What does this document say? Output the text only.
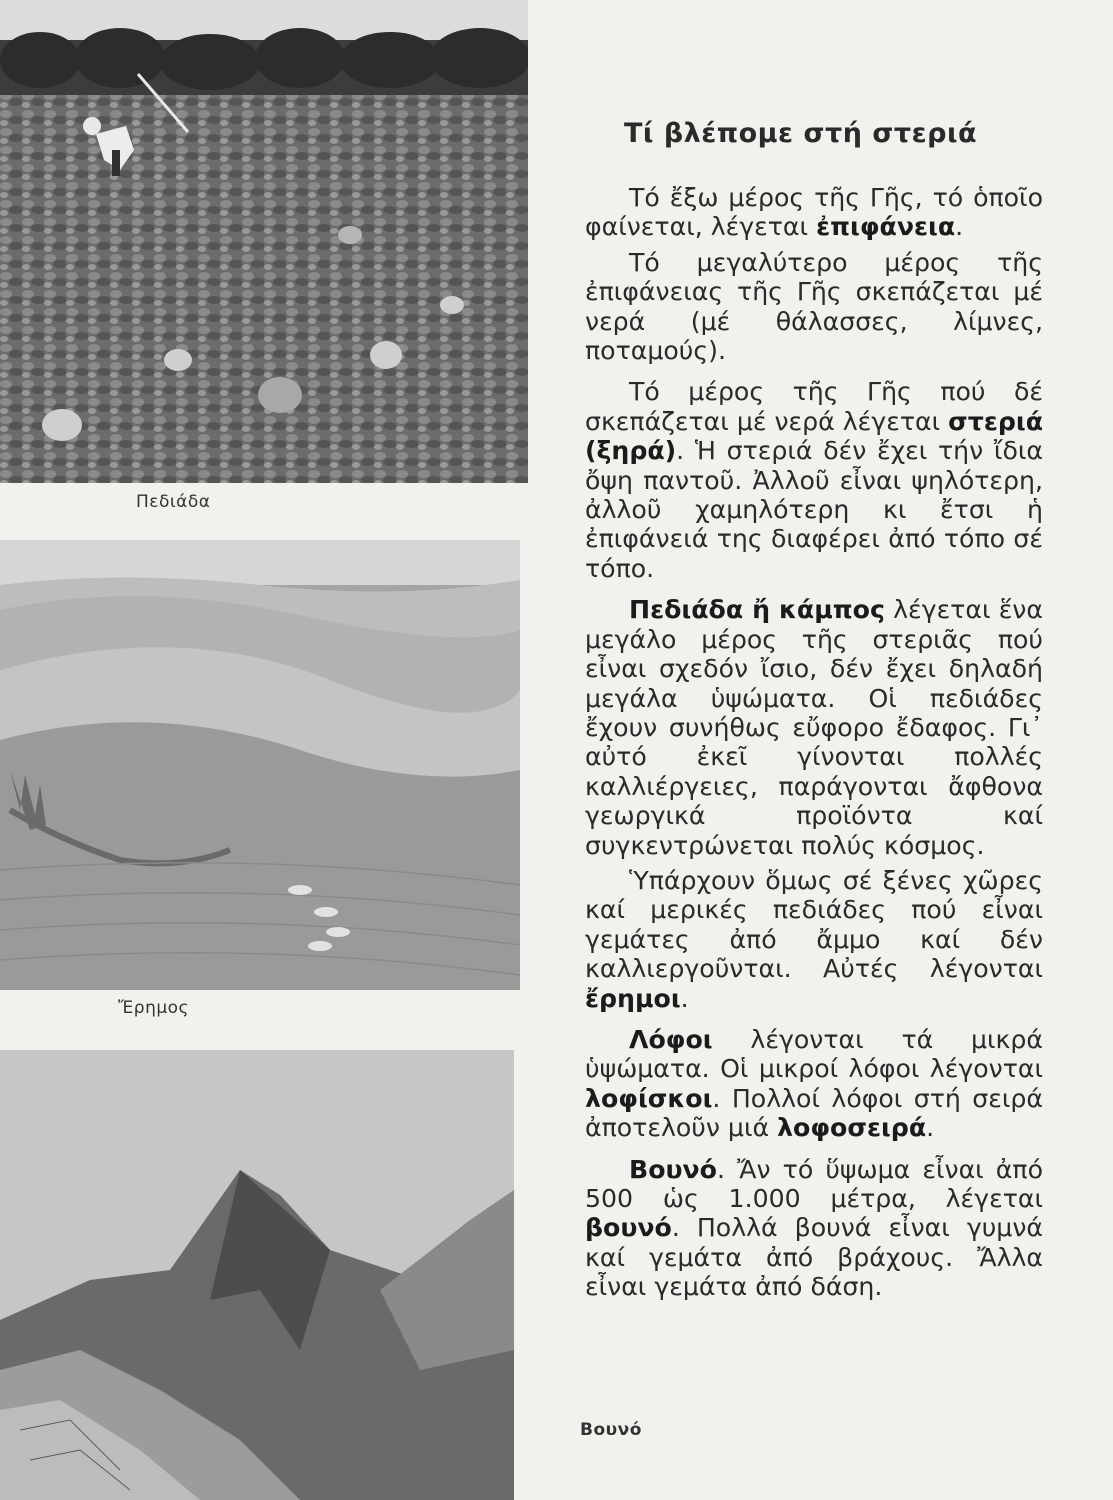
Πεδιάδα
Ἔρημος
Βουνό
Τί βλέπομε στή στεριά

Τό ἔξω μέρος τῆς Γῆς, τό ὁποῖο φαίνεται, λέγεται ἐπιφάνεια.

Τό μεγαλύτερο μέρος τῆς ἐπιφάνειας τῆς Γῆς σκεπάζεται μέ νερά (μέ θάλασσες, λίμνες, ποταμούς).

Τό μέρος τῆς Γῆς πού δέ σκεπάζεται μέ νερά λέγεται στεριά (ξηρά). Ἡ στεριά δέν ἔχει τήν ἴδια ὄψη παντοῦ. Ἀλλοῦ εἶναι ψηλότερη, ἀλλοῦ χαμηλότερη κι ἔτσι ἡ ἐπιφάνειά της διαφέρει ἀπό τόπο σέ τόπο.

Πεδιάδα ἤ κάμπος λέγεται ἕνα μεγάλο μέρος τῆς στεριᾶς πού εἶναι σχεδόν ἴσιο, δέν ἔχει δηλαδή μεγάλα ὑψώματα. Οἱ πεδιάδες ἔχουν συνήθως εὔφορο ἔδαφος. Γι᾽ αὐτό ἐκεῖ γίνονται πολλές καλλιέργειες, παράγονται ἄφθονα γεωργικά προϊόντα καί συγκεντρώνεται πολύς κόσμος.

Ὑπάρχουν ὅμως σέ ξένες χῶρες καί μερικές πεδιάδες πού εἶναι γεμάτες ἀπό ἄμμο καί δέν καλλιεργοῦνται. Αὐτές λέγονται ἔρημοι.

Λόφοι λέγονται τά μικρά ὑψώματα. Οἱ μικροί λόφοι λέγονται λοφίσκοι. Πολλοί λόφοι στή σειρά ἀποτελοῦν μιά λοφοσειρά.

Βουνό. Ἄν τό ὕψωμα εἶναι ἀπό 500 ὡς 1.000 μέτρα, λέγεται βουνό. Πολλά βουνά εἶναι γυμνά καί γεμάτα ἀπό βράχους. Ἄλλα εἶναι γεμάτα ἀπό δάση.
